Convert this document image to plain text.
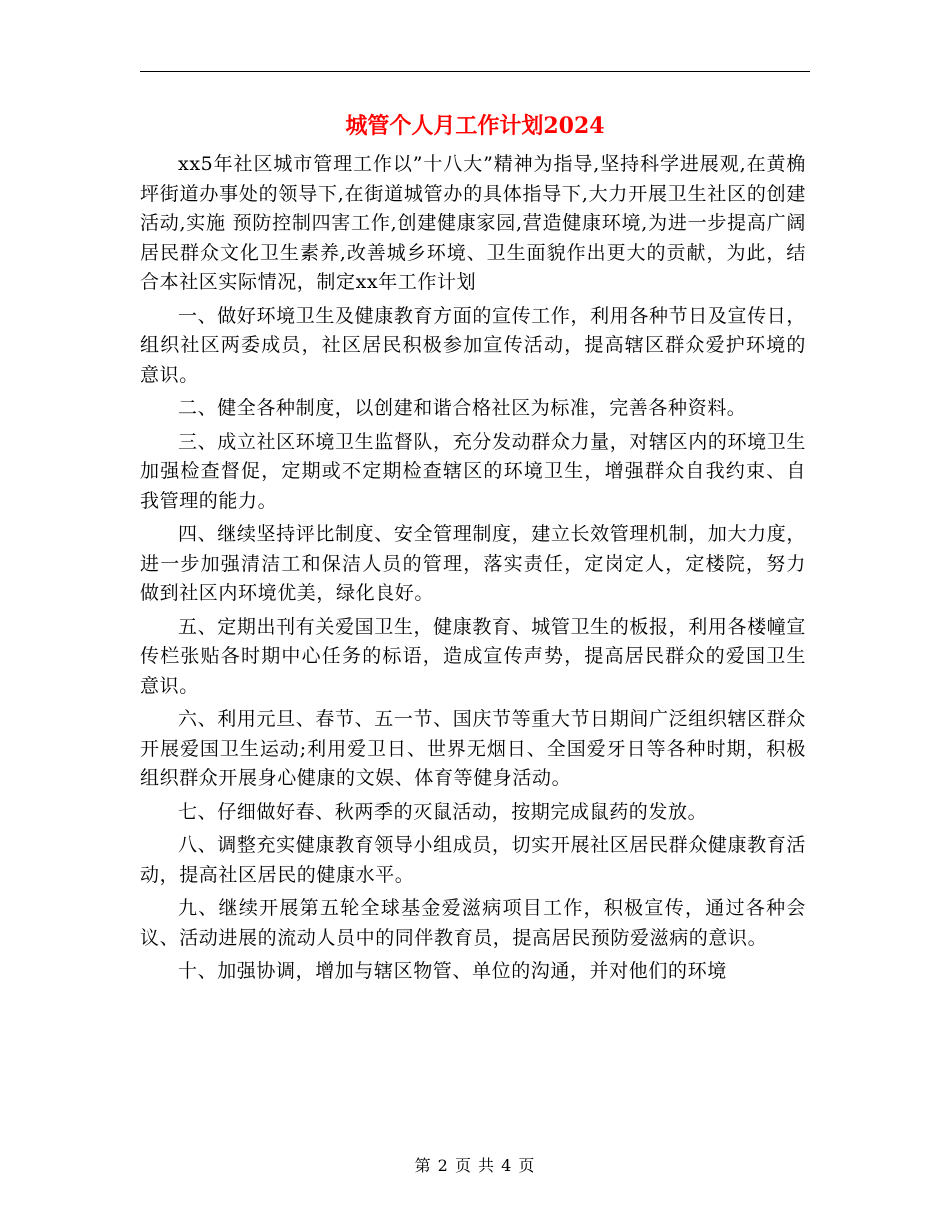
城管个人月工作计划2024

xx5年社区城市管理工作以”十八大”精神为指导,坚持科学进展观,在黄桷坪街道办事处的领导下,在街道城管办的具体指导下,大力开展卫生社区的创建活动,实施 预防控制四害工作,创建健康家园,营造健康环境,为进一步提高广阔居民群众文化卫生素养,改善城乡环境、卫生面貌作出更大的贡献，为此，结合本社区实际情况，制定xx年工作计划

一、做好环境卫生及健康教育方面的宣传工作，利用各种节日及宣传日，组织社区两委成员，社区居民积极参加宣传活动，提高辖区群众爱护环境的意识。

二、健全各种制度，以创建和谐合格社区为标准，完善各种资料。

三、成立社区环境卫生监督队，充分发动群众力量，对辖区内的环境卫生加强检查督促，定期或不定期检查辖区的环境卫生，增强群众自我约束、自我管理的能力。

四、继续坚持评比制度、安全管理制度，建立长效管理机制，加大力度，进一步加强清洁工和保洁人员的管理，落实责任，定岗定人，定楼院，努力做到社区内环境优美，绿化良好。

五、定期出刊有关爱国卫生，健康教育、城管卫生的板报，利用各楼幢宣传栏张贴各时期中心任务的标语，造成宣传声势，提高居民群众的爱国卫生意识。

六、利用元旦、春节、五一节、国庆节等重大节日期间广泛组织辖区群众开展爱国卫生运动;利用爱卫日、世界无烟日、全国爱牙日等各种时期，积极组织群众开展身心健康的文娱、体育等健身活动。

七、仔细做好春、秋两季的灭鼠活动，按期完成鼠药的发放。

八、调整充实健康教育领导小组成员，切实开展社区居民群众健康教育活动，提高社区居民的健康水平。

九、继续开展第五轮全球基金爱滋病项目工作，积极宣传，通过各种会议、活动进展的流动人员中的同伴教育员，提高居民预防爱滋病的意识。

十、加强协调，增加与辖区物管、单位的沟通，并对他们的环境

第 2 页 共 4 页
